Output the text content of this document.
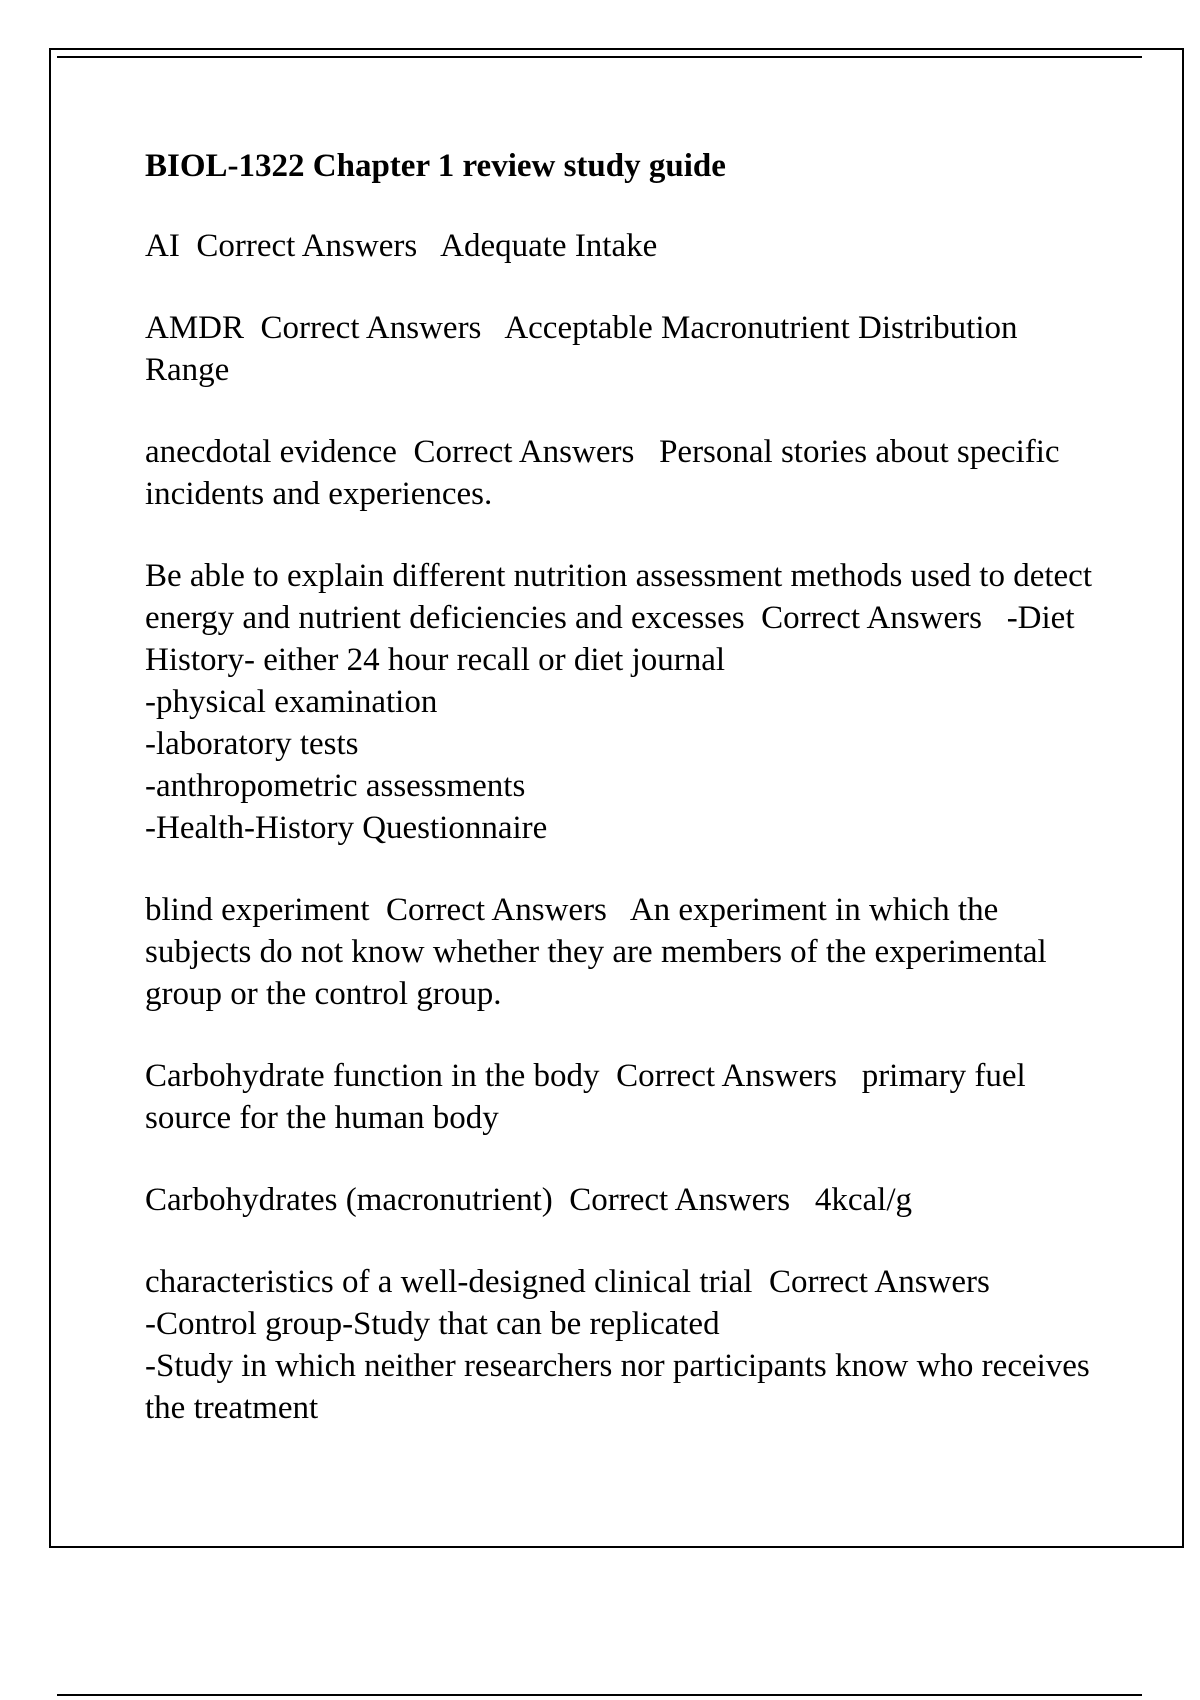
BIOL-1322 Chapter 1 review study guide
AI  Correct Answers   Adequate Intake
AMDR  Correct Answers   Acceptable Macronutrient Distribution Range
anecdotal evidence  Correct Answers   Personal stories about specific incidents and experiences.
Be able to explain different nutrition assessment methods used to detect energy and nutrient deficiencies and excesses  Correct Answers   -Diet History- either 24 hour recall or diet journal
-physical examination
-laboratory tests
-anthropometric assessments
-Health-History Questionnaire
blind experiment  Correct Answers   An experiment in which the subjects do not know whether they are members of the experimental group or the control group.
Carbohydrate function in the body  Correct Answers   primary fuel source for the human body
Carbohydrates (macronutrient)  Correct Answers   4kcal/g
characteristics of a well-designed clinical trial  Correct Answers
-Control group-Study that can be replicated
-Study in which neither researchers nor participants know who receives the treatment
